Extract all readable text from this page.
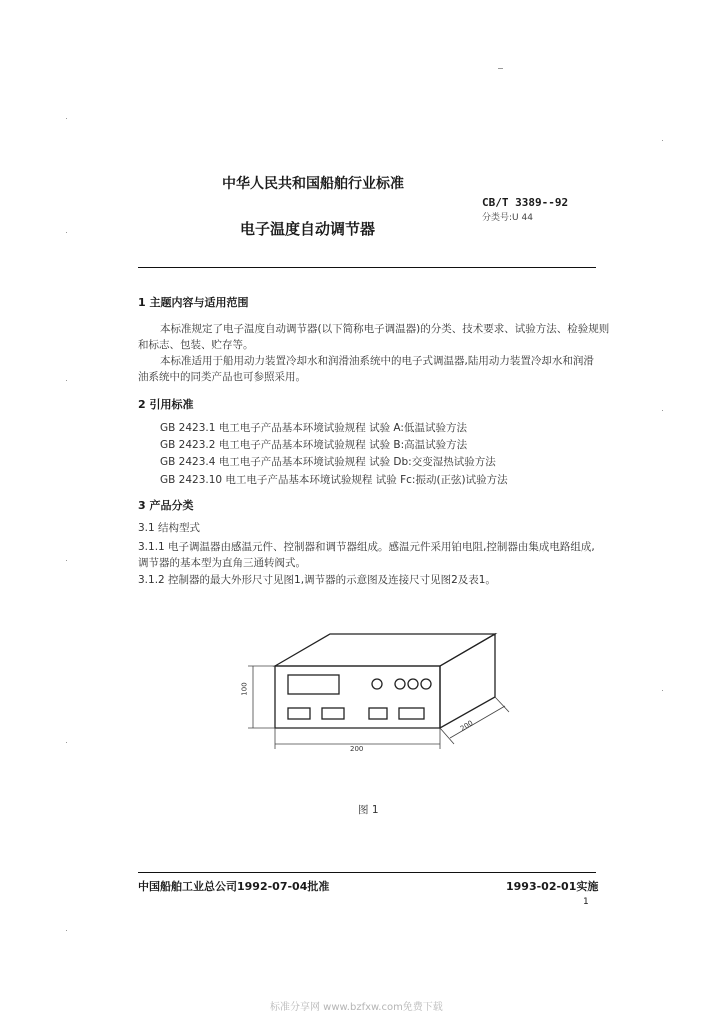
中华人民共和国船舶行业标准
CB/T 3389--92
分类号:U 44
电子温度自动调节器
1 主题内容与适用范围
本标准规定了电子温度自动调节器(以下简称电子调温器)的分类、技术要求、试验方法、检验规则
和标志、包装、贮存等。
本标准适用于船用动力装置冷却水和润滑油系统中的电子式调温器,陆用动力装置冷却水和润滑
油系统中的同类产品也可参照采用。
2 引用标准
GB 2423.1 电工电子产品基本环境试验规程 试验 A:低温试验方法
GB 2423.2 电工电子产品基本环境试验规程 试验 B:高温试验方法
GB 2423.4 电工电子产品基本环境试验规程 试验 Db:交变湿热试验方法
GB 2423.10 电工电子产品基本环境试验规程 试验 Fc:振动(正弦)试验方法
3 产品分类
3.1 结构型式
3.1.1 电子调温器由感温元件、控制器和调节器组成。感温元件采用铂电阻,控制器由集成电路组成,
调节器的基本型为直角三通转阀式。
3.1.2 控制器的最大外形尺寸见图1,调节器的示意图及连接尺寸见图2及表1。
100
200
200
图 1
中国船舶工业总公司1992-07-04批准	1993-02-01实施
1
标准分享网 www.bzfxw.com免费下载
